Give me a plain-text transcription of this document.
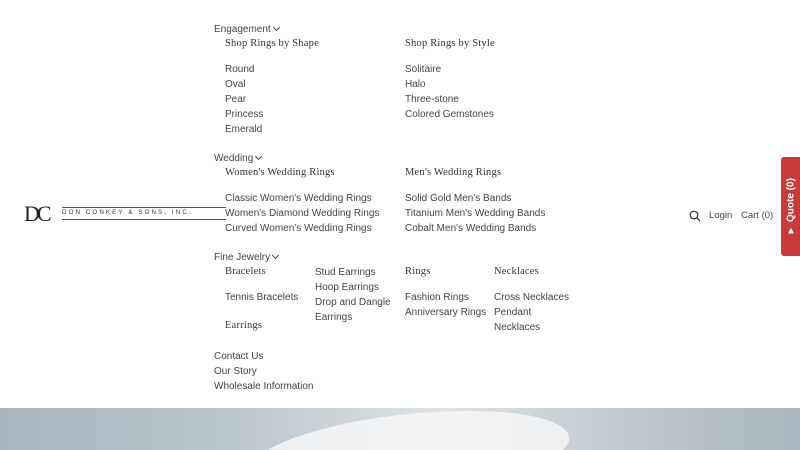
DC DON CONKEY & SONS, INC.
Engagement
Shop Rings by Shape
Round
Oval
Pear
Princess
Emerald
Shop Rings by Style
Solitaire
Halo
Three-stone
Colored Gemstones
Wedding
Women's Wedding Rings
Classic Women's Wedding Rings
Women's Diamond Wedding Rings
Curved Women's Wedding Rings
Men's Wedding Rings
Solid Gold Men's Bands
Titanium Men's Wedding Bands
Cobalt Men's Wedding Bands
Fine Jewelry
Bracelets
Tennis Bracelets
Earrings
Stud Earrings
Hoop Earrings
Drop and Dangle
Earrings
Rings
Fashion Rings
Anniversary Rings
Necklaces
Cross Necklaces
Pendant
Necklaces
Contact Us
Our Story
Wholesale Information
Login Cart (0)
▲
Quote (0)
